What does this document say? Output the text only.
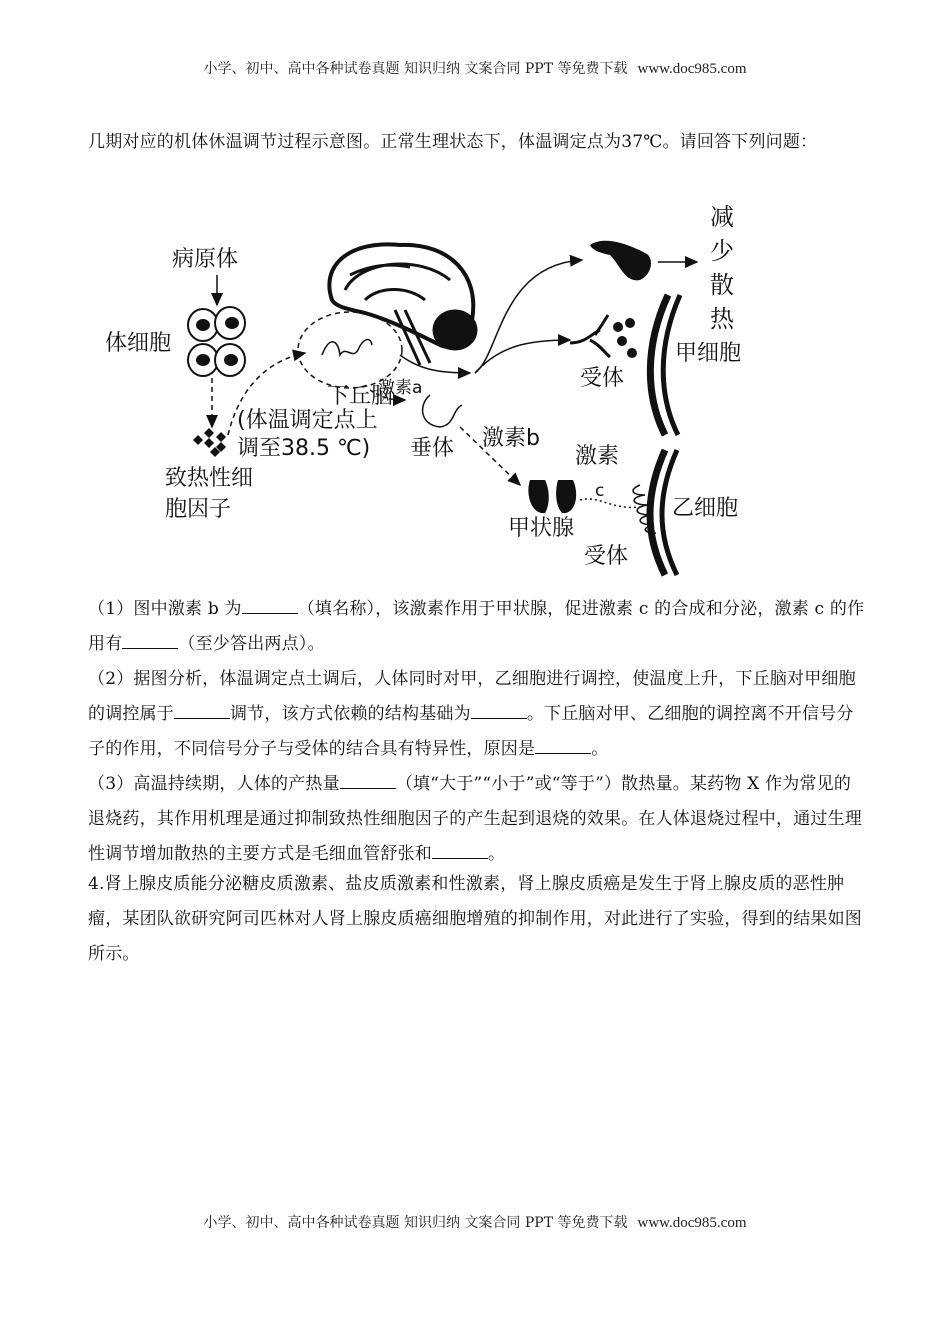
小学、初中、高中各种试卷真题 知识归纳 文案合同 PPT 等免费下载 www.doc985.com
几期对应的机体休温调节过程示意图。正常生理状态下，体温调定点为37℃。请回答下列问题：
病原体
体细胞
下丘脑
(体温调定点上
调至38.5 ℃)
致热性细
胞因子
激素a
垂体 激素b
甲状腺
激素
c
受体
受体
甲细胞
乙细胞
减少散热
（1）图中激素 b 为	（填名称），该激素作用于甲状腺，促进激素 c 的合成和分泌，激素 c 的作用有	（至少答出两点）。
（2）据图分析，体温调定点土调后，人体同时对甲，乙细胞进行调控，使温度上升，下丘脑对甲细胞的调控属于	调节，该方式依赖的结构基础为	。下丘脑对甲、乙细胞的调控离不开信号分子的作用，不同信号分子与受体的结合具有特异性，原因是	。
（3）高温持续期，人体的产热量	（填“大于”“小于”或“等于”）散热量。某药物 X 作为常见的退烧药，其作用机理是通过抑制致热性细胞因子的产生起到退烧的效果。在人体退烧过程中，通过生理性调节增加散热的主要方式是毛细血管舒张和	。
4.肾上腺皮质能分泌糖皮质激素、盐皮质激素和性激素，肾上腺皮质癌是发生于肾上腺皮质的恶性肿瘤，某团队欲研究阿司匹林对人肾上腺皮质癌细胞增殖的抑制作用，对此进行了实验，得到的结果如图所示。
小学、初中、高中各种试卷真题 知识归纳 文案合同 PPT 等免费下载 www.doc985.com
